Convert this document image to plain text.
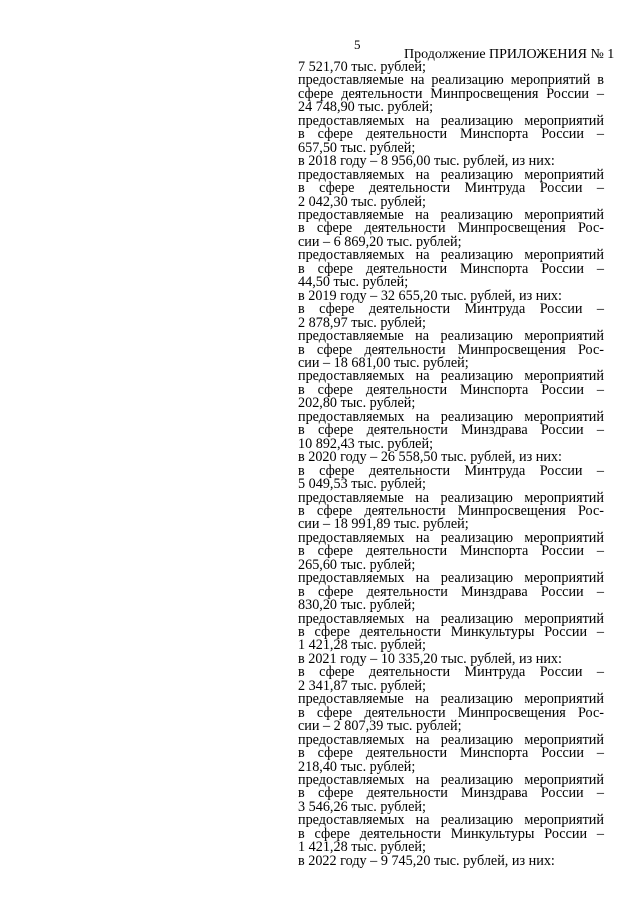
5
Продолжение ПРИЛОЖЕНИЯ № 1
7 521,70 тыс. рублей;
предоставляемые на реализацию мероприятий в
сфере деятельности Минпросвещения России –
24 748,90 тыс. рублей;
предоставляемых на реализацию мероприятий
в сфере деятельности Минспорта России –
657,50 тыс. рублей;
в 2018 году – 8 956,00 тыс. рублей, из них:
предоставляемых на реализацию мероприятий
в сфере деятельности Минтруда России –
2 042,30 тыс. рублей;
предоставляемые на реализацию мероприятий
в сфере деятельности Минпросвещения Рос-
сии – 6 869,20 тыс. рублей;
предоставляемых на реализацию мероприятий
в сфере деятельности Минспорта России –
44,50 тыс. рублей;
в 2019 году – 32 655,20 тыс. рублей, из них:
в сфере деятельности Минтруда России –
2 878,97 тыс. рублей;
предоставляемые на реализацию мероприятий
в сфере деятельности Минпросвещения Рос-
сии – 18 681,00 тыс. рублей;
предоставляемых на реализацию мероприятий
в сфере деятельности Минспорта России –
202,80 тыс. рублей;
предоставляемых на реализацию мероприятий
в сфере деятельности Минздрава России –
10 892,43 тыс. рублей;
в 2020 году – 26 558,50 тыс. рублей, из них:
в сфере деятельности Минтруда России –
5 049,53 тыс. рублей;
предоставляемые на реализацию мероприятий
в сфере деятельности Минпросвещения Рос-
сии – 18 991,89 тыс. рублей;
предоставляемых на реализацию мероприятий
в сфере деятельности Минспорта России –
265,60 тыс. рублей;
предоставляемых на реализацию мероприятий
в сфере деятельности Минздрава России –
830,20 тыс. рублей;
предоставляемых на реализацию мероприятий
в сфере деятельности Минкультуры России –
1 421,28 тыс. рублей;
в 2021 году – 10 335,20 тыс. рублей, из них:
в сфере деятельности Минтруда России –
2 341,87 тыс. рублей;
предоставляемые на реализацию мероприятий
в сфере деятельности Минпросвещения Рос-
сии – 2 807,39 тыс. рублей;
предоставляемых на реализацию мероприятий
в сфере деятельности Минспорта России –
218,40 тыс. рублей;
предоставляемых на реализацию мероприятий
в сфере деятельности Минздрава России –
3 546,26 тыс. рублей;
предоставляемых на реализацию мероприятий
в сфере деятельности Минкультуры России –
1 421,28 тыс. рублей;
в 2022 году – 9 745,20 тыс. рублей, из них:
